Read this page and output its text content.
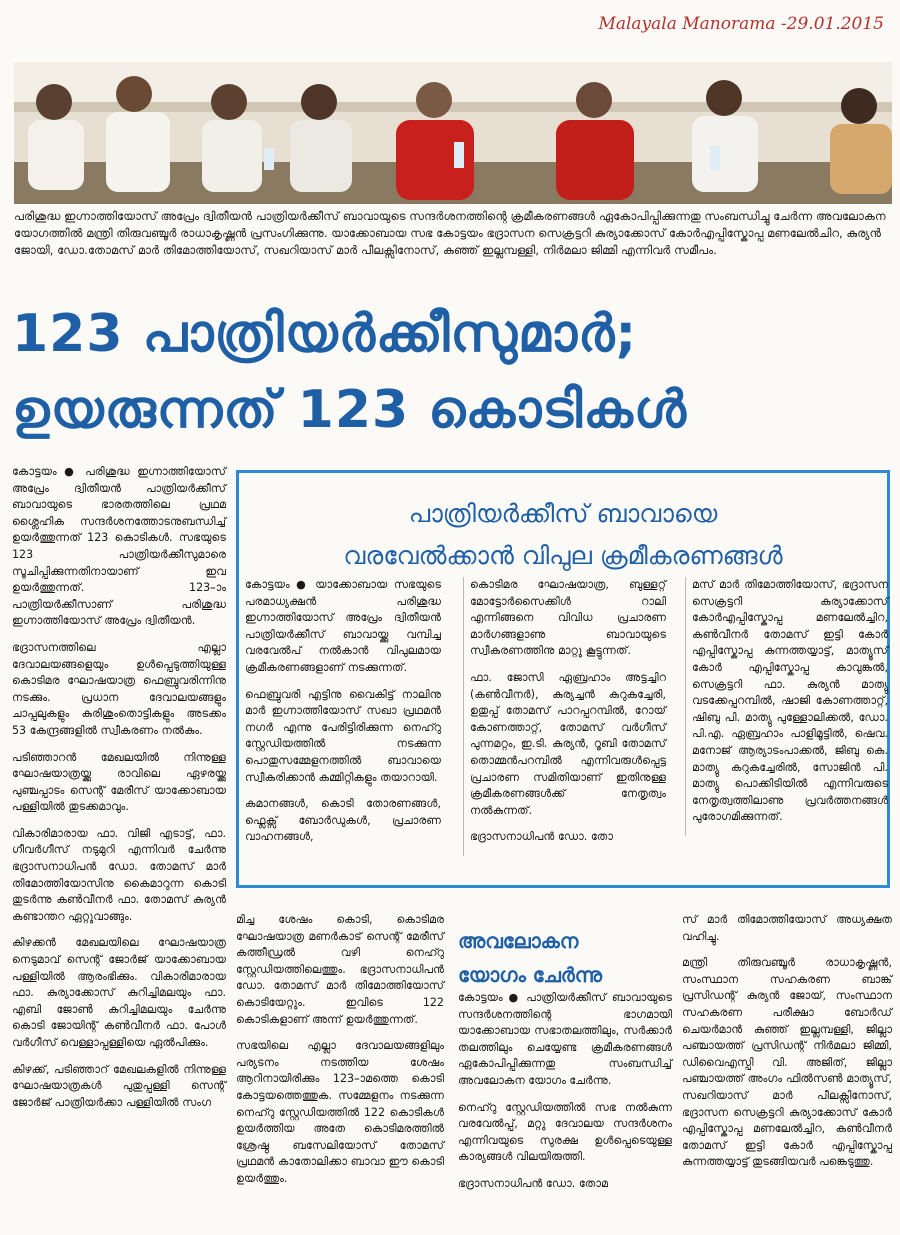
Malayala Manorama -29.01.2015
പരിശുദ്ധ ഇഗ്നാത്തിയോസ് അപ്രേം ദ്വിതീയൻ പാത്രിയർക്കീസ് ബാവായുടെ സന്ദർശനത്തിന്റെ ക്രമീകരണങ്ങൾ ഏകോപിപ്പിക്കുന്നതു സംബന്ധിച്ചു ചേർന്ന അവലോകന യോഗത്തിൽ മന്ത്രി തിരുവഞ്ചൂർ രാധാകൃഷ്ണൻ പ്രസംഗിക്കുന്നു. യാക്കോബായ സഭ കോട്ടയം ഭദ്രാസന സെക്രട്ടറി കുര്യാക്കോസ് കോർഎപ്പിസ്കോപ്പ മണലേൽചിറ, കുര്യൻ ജോയി, ഡോ.തോമസ് മാർ തിമോത്തിയോസ്, സഖറിയാസ് മാർ പീലക്സിനോസ്, കുഞ്ഞ് ഇല്ലമ്പള്ളി, നിർമലാ ജിമ്മി എന്നിവർ സമീപം.
123 പാത്രിയർക്കീസുമാർ;
ഉയരുന്നത് 123 കൊടികൾ

കോട്ടയം ● പരിശുദ്ധ ഇഗ്നാത്തിയോസ് അപ്രേം ദ്വിതീയൻ പാത്രിയർക്കീസ് ബാവായുടെ ഭാരതത്തിലെ പ്രഥമ ശ്ലൈഹിക സന്ദർശനത്തോടനുബന്ധിച്ച് ഉയർത്തുന്നത് 123 കൊടികൾ. സഭയുടെ 123 പാത്രിയർക്കീസുമാരെ സൂചിപ്പിക്കുന്നതിനായാണ് ഇവ ഉയർത്തുന്നത്. 123–ാം പാത്രിയർക്കീസാണ് പരിശുദ്ധ ഇഗ്നാത്തിയോസ് അപ്രേം ദ്വിതീയൻ.

ഭദ്രാസനത്തിലെ എല്ലാ ദേവാലയങ്ങളെയും ഉൾപ്പെടുത്തിയുള്ള കൊടിമര ഘോഷയാത്ര ഫെബ്രുവരിന്നിനു നടക്കും. പ്രധാന ദേവാലയങ്ങളും ചാപ്പലുകളും കുരിശുംതൊട്ടികളും അടക്കം 53 കേന്ദ്രങ്ങളിൽ സ്വീകരണം നൽകും.

പടിഞ്ഞാറൻ മേഖലയിൽ നിന്നുള്ള ഘോഷയാത്രയ്ക്കു രാവിലെ ഏഴരയ്ക്കു പുഞ്ചപ്പാടം സെന്റ് മേരീസ് യാക്കോബായ പള്ളിയിൽ തുടക്കമാവും.

വികാരിമാരായ ഫാ. വിജി എടാട്ട്, ഫാ. ഗീവർഗീസ് നടുമുറി എന്നിവർ ചേർന്നു ഭദ്രാസനാധിപൻ ഡോ. തോമസ് മാർ തിമോത്തിയോസിനു കൈമാറുന്ന കൊടി തുടർന്നു കൺവീനർ ഫാ. തോമസ് കുര്യൻ കണ്ടാന്തറ ഏറ്റുവാങ്ങും.

കിഴക്കൻ മേഖലയിലെ ഘോഷയാത്ര നെടുമാവ് സെന്റ് ജോർജ് യാക്കോബായ പള്ളിയിൽ ആരംഭിക്കും. വികാരിമാരായ ഫാ. കുര്യാക്കോസ് കുറിച്ചിമലയും ഫാ. എബി ജോൺ കുറിച്ചിമലയും ചേർന്നു കൊടി ജോയിന്റ് കൺവീനർ ഫാ. പോൾ വർഗീസ് വെള്ളാപ്പള്ളിയെ ഏൽപിക്കും.

കിഴക്ക്, പടിഞ്ഞാറ് മേഖലകളിൽ നിന്നുള്ള ഘോഷയാത്രകൾ പുതുപ്പള്ളി സെന്റ് ജോർജ് പാത്രിയർക്കാ പള്ളിയിൽ സംഗ

പാത്രിയർക്കീസ് ബാവായെ
വരവേൽക്കാൻ വിപുല ക്രമീകരണങ്ങൾ

കോട്ടയം ● യാക്കോബായ സഭയുടെ പരമാധ്യക്ഷൻ പരിശുദ്ധ ഇഗ്നാത്തിയോസ് അപ്രേം ദ്വിതീയൻ പാത്രിയർക്കീസ് ബാവായ്ക്കു വമ്പിച്ച വരവേൽപ് നൽകാൻ വിപുലമായ ക്രമീകരണങ്ങളാണ് നടക്കുന്നത്.

ഫെബ്രുവരി എട്ടിനു വൈകിട്ട് നാലിനു മാർ ഇഗ്നാത്തിയോസ് സഖാ പ്രഥമൻ നഗർ എന്നു പേരിട്ടിരിക്കുന്ന നെഹ്റു സ്റ്റേഡിയത്തിൽ നടക്കുന്ന പൊതുസമ്മേളനത്തിൽ ബാവായെ സ്വീകരിക്കാൻ കമ്മിറ്റികളും തയാറായി.

കമാനങ്ങൾ, കൊടി തോരണങ്ങൾ, ഫ്ലെക്സ് ബോർഡുകൾ, പ്രചാരണ വാഹനങ്ങൾ,

കൊടിമര ഘോഷയാത്ര, ബുള്ളറ്റ് മോട്ടോർസൈക്കിൾ റാലി എന്നിങ്ങനെ വിവിധ പ്രചാരണ മാർഗങ്ങളാണു ബാവായുടെ സ്വീകരണത്തിനു മാറ്റു കൂട്ടുന്നത്.

ഫാ. ജോസി ഏബ്രഹാം അട്ടച്ചിറ (കൺവീനർ), കുര്യച്ചൻ കറുകച്ചേരി, ഉതുപ്പ് തോമസ് പാറപ്പറമ്പിൽ, റോയ് കോണത്താറ്റ്, തോമസ് വർഗീസ് പുന്നമറ്റം, ഇ.ടി. കുര്യൻ, റൂബി തോമസ് തൊമ്മൻപറമ്പിൽ എന്നിവരുൾപ്പെട്ട പ്രചാരണ സമിതിയാണ് ഇതിനുള്ള ക്രമീകരണങ്ങൾക്ക് നേതൃത്വം നൽകുന്നത്.

ഭദ്രാസനാധിപൻ ഡോ. തോ

മസ് മാർ തിമോത്തിയോസ്, ഭദ്രാസന സെക്രട്ടറി കുര്യാക്കോസ് കോർഎപ്പിസ്കോപ്പ മണലേൽച്ചിറ, കൺവീനർ തോമസ് ഇട്ടി കോർ എപ്പിസ്കോപ്പ കുന്നത്തയ്യാട്ട്, മാത്യൂസ് കോർ എപ്പിസ്കോപ്പ കാവുങ്കൽ, സെക്രട്ടറി ഫാ. കുര്യൻ മാത്യു വടക്കേപ്പറമ്പിൽ, ഷാജി കോണത്താറ്റ്, ഷിബു പി. മാത്യു പുള്ളോലിക്കൽ, ഡോ. പി.എ. ഏബ്രഹാം പാളിമൂട്ടിൽ, ഷെവ. മനോജ് ആര്യാടംപാക്കൽ, ജിബു കെ. മാത്യു കറുകച്ചേരിൽ, സോജിൻ പി. മാത്യു പൊക്കിടിയിൽ എന്നിവരുടെ നേതൃത്വത്തിലാണു പ്രവർത്തനങ്ങൾ പുരോഗമിക്കുന്നത്.

മിച്ച ശേഷം കൊടി, കൊടിമര ഘോഷയാത്ര മണർകാട് സെന്റ് മേരീസ് കത്തീഡ്രൽ വഴി നെഹ്റു സ്റ്റേഡിയത്തിലെത്തും. ഭദ്രാസനാധിപൻ ഡോ. തോമസ് മാർ തിമോത്തിയോസ് കൊടിയേറ്റും. ഇവിടെ 122 കൊടികളാണ് അന്ന് ഉയർത്തുന്നത്.

സഭയിലെ എല്ലാ ദേവാലയങ്ങളിലും പര്യടനം നടത്തിയ ശേഷം ആറിനായിരിക്കും 123–ാമത്തെ കൊടി കോട്ടയത്തെത്തുക. സമ്മേളനം നടക്കുന്ന നെഹ്റു സ്റ്റേഡിയത്തിൽ 122 കൊടികൾ ഉയർത്തിയ അതേ കൊടിമരത്തിൽ ശ്രേഷ്ഠ ബസേലിയോസ് തോമസ് പ്രഥമൻ കാതോലിക്കാ ബാവാ ഈ കൊടി ഉയർത്തും.

അവലോകന
യോഗം ചേർന്നു

കോട്ടയം ● പാത്രിയർക്കീസ് ബാവായുടെ സന്ദർശനത്തിന്റെ ഭാഗമായി യാക്കോബായ സഭാതലത്തിലും, സർക്കാർ തലത്തിലും ചെയ്യേണ്ട ക്രമീകരണങ്ങൾ ഏകോപിപ്പിക്കുന്നതു സംബന്ധിച്ച് അവലോകന യോഗം ചേർന്നു.

നെഹ്റു സ്റ്റേഡിയത്തിൽ സഭ നൽകുന്ന വരവേൽപ്പ്, മറ്റു ദേവാലയ സന്ദർശനം എന്നിവയുടെ സുരക്ഷ ഉൾപ്പെടെയുള്ള കാര്യങ്ങൾ വിലയിരുത്തി.

ഭദ്രാസനാധിപൻ ഡോ. തോമ

സ് മാർ തിമോത്തിയോസ് അധ്യക്ഷത വഹിച്ചു.

മന്ത്രി തിരുവഞ്ചൂർ രാധാകൃഷ്ണൻ, സംസ്ഥാന സഹകരണ ബാങ്ക് പ്രസിഡന്റ് കുര്യൻ ജോയ്, സംസ്ഥാന സഹകരണ പരീക്ഷാ ബോർഡ് ചെയർമാൻ കുഞ്ഞ് ഇല്ലമ്പള്ളി, ജില്ലാ പഞ്ചായത്ത് പ്രസിഡന്റ് നിർമലാ ജിമ്മി, ഡിവൈഎസ്പി വി. അജിത്, ജില്ലാ പഞ്ചായത്ത് അംഗം ഫിൽസൺ മാത്യൂസ്, സഖറിയാസ് മാർ പീലക്സിനോസ്, ഭദ്രാസന സെക്രട്ടറി കുര്യാക്കോസ് കോർ എപ്പിസ്കോപ്പ മണലേൽച്ചിറ, കൺവീനർ തോമസ് ഇട്ടി കോർ എപ്പിസ്കോപ്പ കുന്നത്തയ്യാട്ട് തുടങ്ങിയവർ പങ്കെടുത്തു.
